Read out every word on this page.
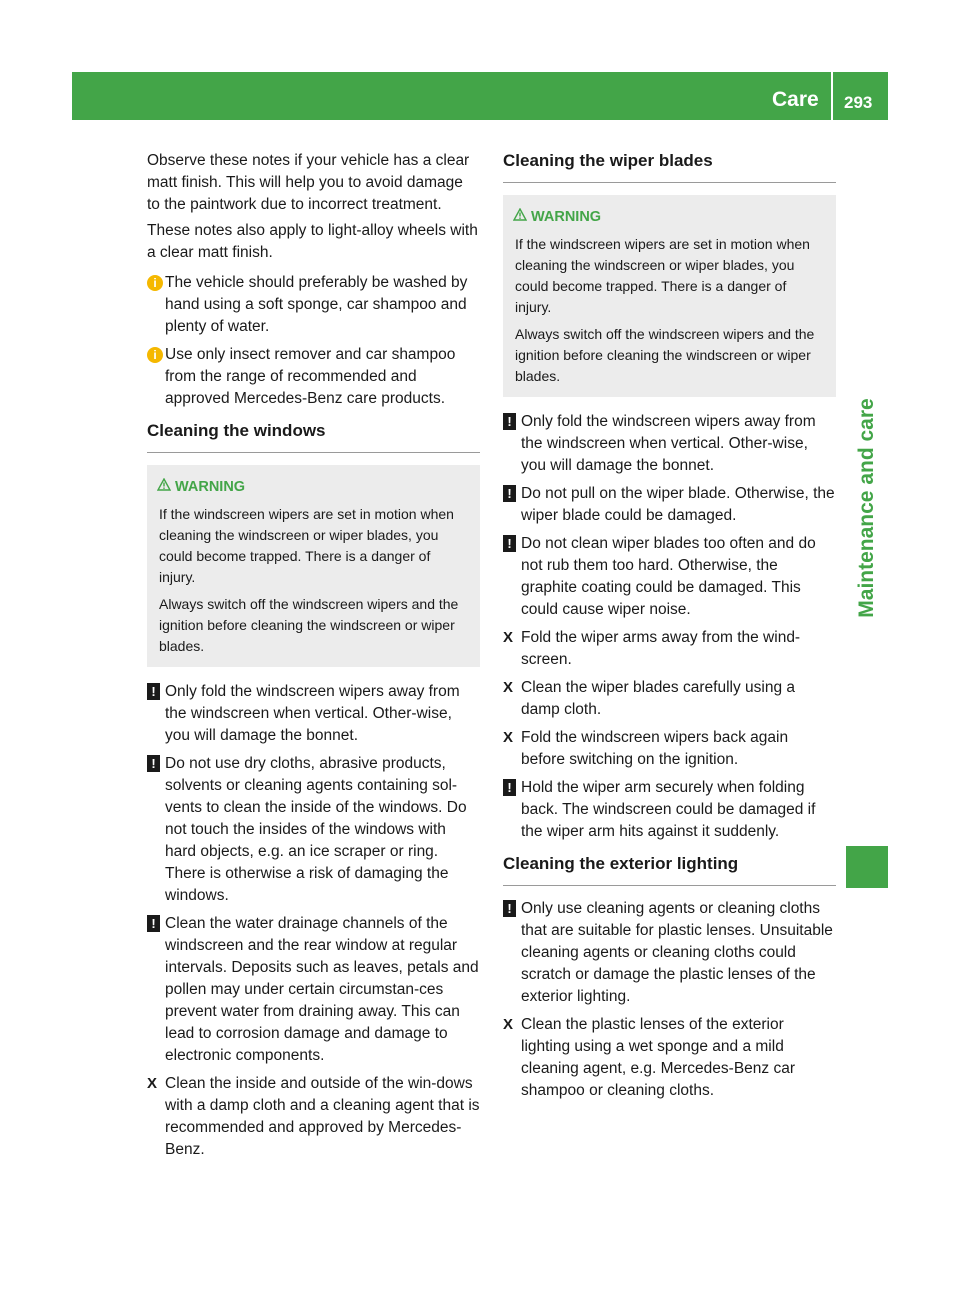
Care 293
Maintenance and care

Observe these notes if your vehicle has a clear matt finish. This will help you to avoid damage to the paintwork due to incorrect treatment.

These notes also apply to light-alloy wheels with a clear matt finish.

i The vehicle should preferably be washed by hand using a soft sponge, car shampoo and plenty of water.
i Use only insect remover and car shampoo from the range of recommended and approved Mercedes-Benz care products.
Cleaning the windows
WARNING

If the windscreen wipers are set in motion when cleaning the windscreen or wiper blades, you could become trapped. There is a danger of injury.

Always switch off the windscreen wipers and the ignition before cleaning the windscreen or wiper blades.

! Only fold the windscreen wipers away from the windscreen when vertical. Other-wise, you will damage the bonnet.
! Do not use dry cloths, abrasive products, solvents or cleaning agents containing sol-vents to clean the inside of the windows. Do not touch the insides of the windows with hard objects, e.g. an ice scraper or ring. There is otherwise a risk of damaging the windows.
! Clean the water drainage channels of the windscreen and the rear window at regular intervals. Deposits such as leaves, petals and pollen may under certain circumstan-ces prevent water from draining away. This can lead to corrosion damage and damage to electronic components.
X Clean the inside and outside of the win-dows with a damp cloth and a cleaning agent that is recommended and approved by Mercedes-Benz.
Cleaning the wiper blades
WARNING

If the windscreen wipers are set in motion when cleaning the windscreen or wiper blades, you could become trapped. There is a danger of injury.

Always switch off the windscreen wipers and the ignition before cleaning the windscreen or wiper blades.

! Only fold the windscreen wipers away from the windscreen when vertical. Other-wise, you will damage the bonnet.
! Do not pull on the wiper blade. Otherwise, the wiper blade could be damaged.
! Do not clean wiper blades too often and do not rub them too hard. Otherwise, the graphite coating could be damaged. This could cause wiper noise.
X Fold the wiper arms away from the wind-screen.
X Clean the wiper blades carefully using a damp cloth.
X Fold the windscreen wipers back again before switching on the ignition.
! Hold the wiper arm securely when folding back. The windscreen could be damaged if the wiper arm hits against it suddenly.
Cleaning the exterior lighting
! Only use cleaning agents or cleaning cloths that are suitable for plastic lenses. Unsuitable cleaning agents or cleaning cloths could scratch or damage the plastic lenses of the exterior lighting.
X Clean the plastic lenses of the exterior lighting using a wet sponge and a mild cleaning agent, e.g. Mercedes-Benz car shampoo or cleaning cloths.
